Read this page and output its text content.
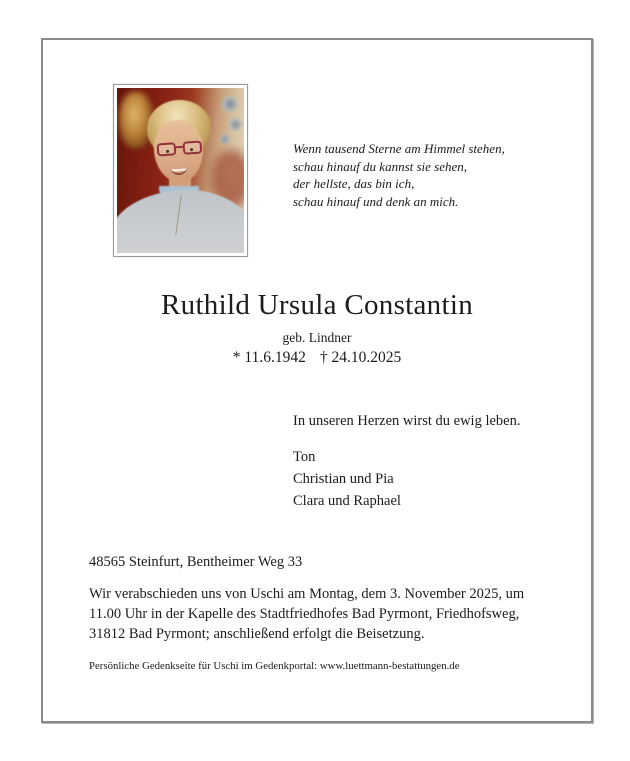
Wenn tausend Sterne am Himmel stehen,
schau hinauf du kannst sie sehen,
der hellste, das bin ich,
schau hinauf und denk an mich.
Ruthild Ursula Constantin
geb. Lindner
* 11.6.1942 † 24.10.2025
In unseren Herzen wirst du ewig leben.
Ton
Christian und Pia
Clara und Raphael
48565 Steinfurt, Bentheimer Weg 33
Wir verabschieden uns von Uschi am Montag, dem 3. November 2025, um
11.00 Uhr in der Kapelle des Stadtfriedhofes Bad Pyrmont, Friedhofsweg,
31812 Bad Pyrmont; anschließend erfolgt die Beisetzung.
Persönliche Gedenkseite für Uschi im Gedenkportal: www.luettmann-bestattungen.de
